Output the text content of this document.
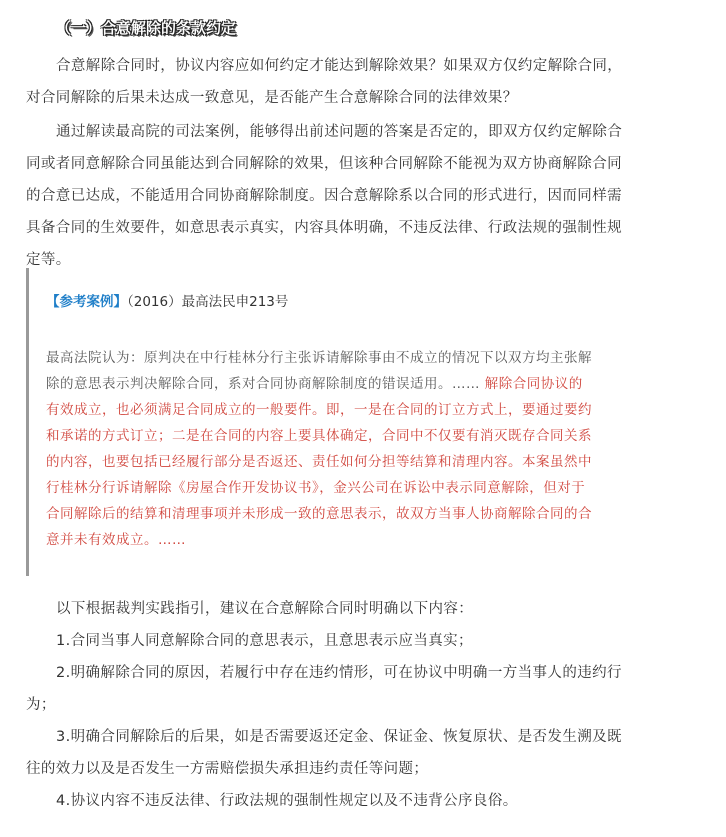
（一）合意解除的条款约定
合意解除合同时，协议内容应如何约定才能达到解除效果？如果双方仅约定解除合同，
对合同解除的后果未达成一致意见，是否能产生合意解除合同的法律效果？
通过解读最高院的司法案例，能够得出前述问题的答案是否定的，即双方仅约定解除合
同或者同意解除合同虽能达到合同解除的效果，但该种合同解除不能视为双方协商解除合同
的合意已达成，不能适用合同协商解除制度。因合意解除系以合同的形式进行，因而同样需
具备合同的生效要件，如意思表示真实，内容具体明确，不违反法律、行政法规的强制性规
定等。
【参考案例】（2016）最高法民申213号
最高法院认为：原判决在中行桂林分行主张诉请解除事由不成立的情况下以双方均主张解
除的意思表示判决解除合同，系对合同协商解除制度的错误适用。…… 解除合同协议的
有效成立，也必须满足合同成立的一般要件。即，一是在合同的订立方式上，要通过要约
和承诺的方式订立；二是在合同的内容上要具体确定，合同中不仅要有消灭既存合同关系
的内容，也要包括已经履行部分是否返还、责任如何分担等结算和清理内容。本案虽然中
行桂林分行诉请解除《房屋合作开发协议书》，金兴公司在诉讼中表示同意解除，但对于
合同解除后的结算和清理事项并未形成一致的意思表示，故双方当事人协商解除合同的合
意并未有效成立。……
以下根据裁判实践指引，建议在合意解除合同时明确以下内容：
1.合同当事人同意解除合同的意思表示，且意思表示应当真实；
2.明确解除合同的原因，若履行中存在违约情形，可在协议中明确一方当事人的违约行
为；
3.明确合同解除后的后果，如是否需要返还定金、保证金、恢复原状、是否发生溯及既
往的效力以及是否发生一方需赔偿损失承担违约责任等问题；
4.协议内容不违反法律、行政法规的强制性规定以及不违背公序良俗。
